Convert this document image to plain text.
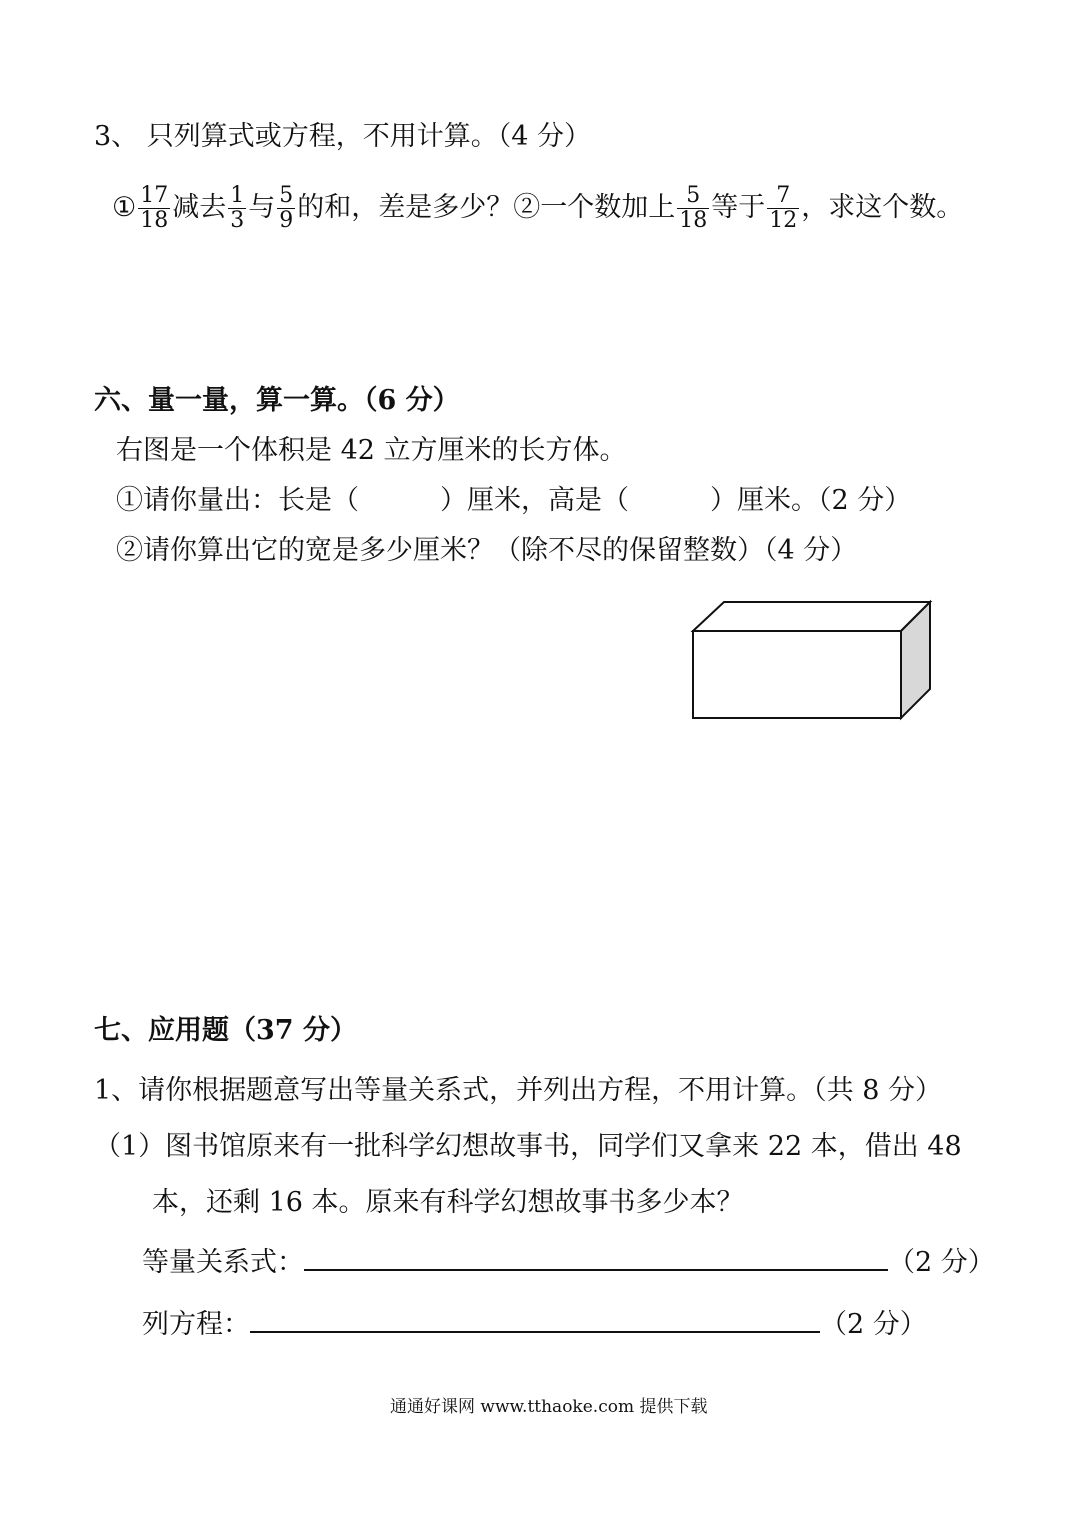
3、 只列算式或方程，不用计算。（4 分）
① $\frac{17}{18}$ 减去 $\frac{1}{3}$ 与 $\frac{5}{9}$ 的和，差是多少？②一个数加上 $\frac{5}{18}$ 等于 $\frac{7}{12}$ ，求这个数。
六、量一量，算一算。（6 分）
右图是一个体积是 42 立方厘米的长方体。
①请你量出：长是（　　　）厘米，高是（　　　）厘米。（2 分）
②请你算出它的宽是多少厘米？（除不尽的保留整数）（4 分）
七、应用题（37 分）
1、请你根据题意写出等量关系式，并列出方程，不用计算。（共 8 分）
（1）图书馆原来有一批科学幻想故事书，同学们又拿来 22 本，借出 48
本，还剩 16 本。原来有科学幻想故事书多少本？
等量关系式：	（2 分）
列方程：	（2 分）
通通好课网 www.tthaoke.com 提供下载
